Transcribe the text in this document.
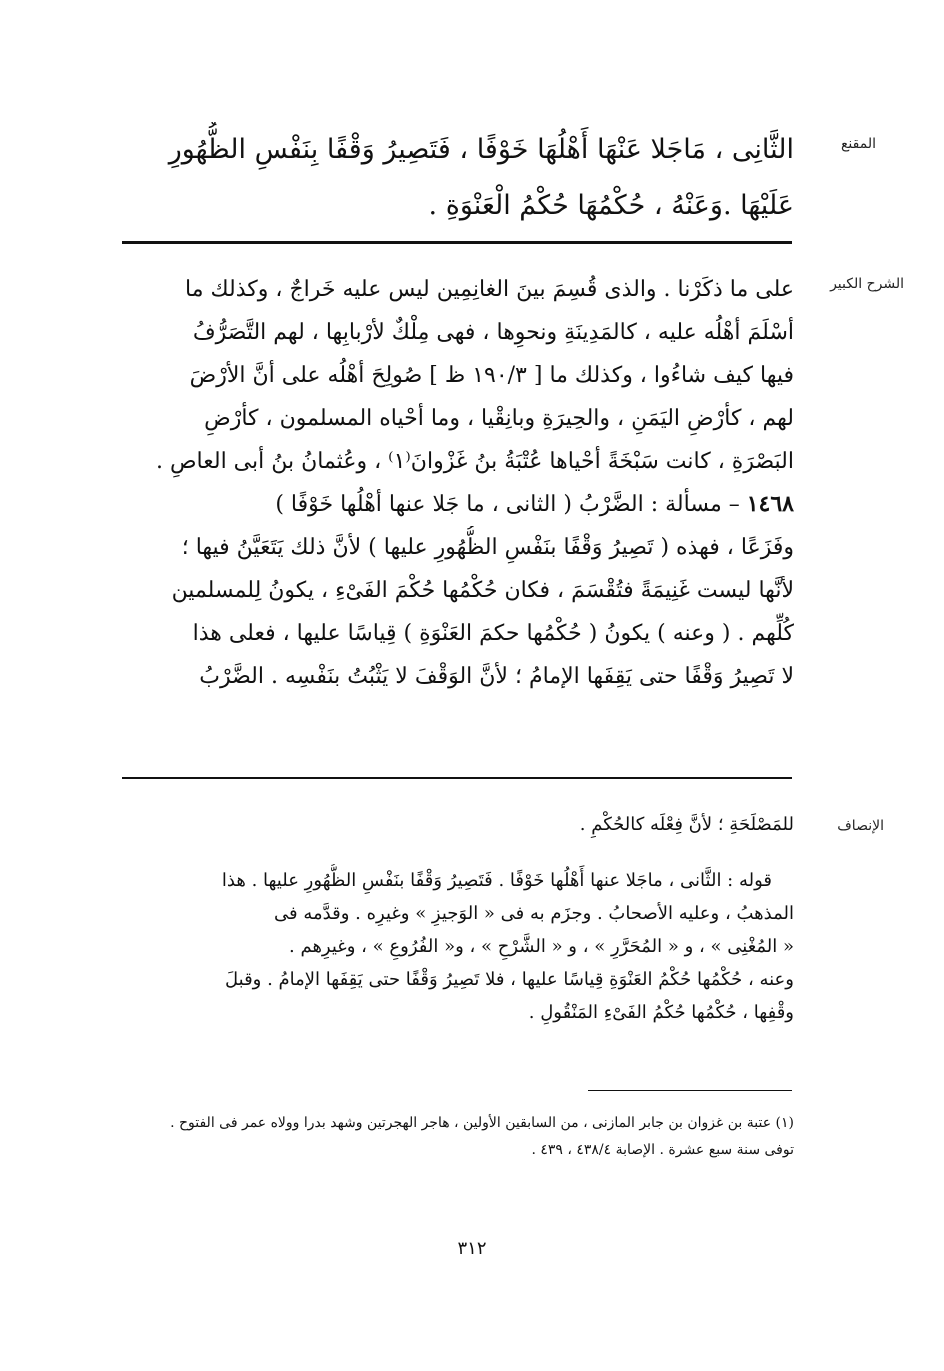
المقنع
الثَّانِى ، مَاجَلا عَنْهَا أَهْلُهَا خَوْفًا ، فَتَصِيرُ وَقْفًا بِنَفْسِ الظُّهُورِ
عَلَيْهَا .وَعَنْهُ ، حُكْمُهَا حُكْمُ الْعَنْوَةِ .
الشرح الكبير
على ما ذكَرْنا . والذى قُسِمَ بينَ الغانِمِين ليس عليه خَراجٌ ، وكذلك ما
أسْلَمَ أهْلُه عليه ، كالمَدِينَةِ ونحوِها ، فهى مِلْكٌ لأرْبابِها ، لهم التَّصَرُّفُ
فيها كيف شاءُوا ، وكذلك ما [ ١٩٠/٣ ظ ] صُولِحَ أهْلُه على أنَّ الأرْضَ
لهم ، كأرْضِ اليَمَنِ ، والحِيرَةِ وبانِقْيا ، وما أحْياه المسلمون ، كأرْضِ
البَصْرَةِ ، كانت سَبْخَةً أحْياها عُتْبَةُ بنُ غَزْوانَ⁽١⁾ ، وعُثمانُ بنُ أبى العاصِ .
١٤٦٨ – مسألة : الضَّرْبُ ( الثانى ، ما جَلا عنها أهْلُها خَوْفًا )
وفَزَعًا ، فهذه ( تَصِيرُ وَقْفًا بنَفْسِ الظُّهُورِ عليها ) لأنَّ ذلك يَتَعَيَّنُ فيها ؛
لأنَّها ليست غَنِيمَةً فتُقْسَمَ ، فكان حُكْمُها حُكْمَ الفَىْءِ ، يكونُ لِلمسلمين
كُلِّهم . ( وعنه ) يكونُ ( حُكْمُها حكمَ العَنْوَةِ ) قِياسًا عليها ، فعلى هذا
لا تَصِيرُ وَقْفًا حتى يَقِفَها الإمامُ ؛ لأنَّ الوَقْفَ لا يَثْبُتُ بنَفْسِه . الضَّرْبُ
الإنصاف
للمَصْلَحَةِ ؛ لأنَّ فِعْلَه كالحُكْمِ .
قوله : الثَّانى ، ماجَلا عنها أَهْلُها خَوْفًا . فَتَصِيرُ وَقْفًا بنَفْسِ الظُّهُورِ عليها . هذا
المذهبُ ، وعليه الأصحابُ . وجزَم به فى « الوَجيزِ » وغيرِه . وقدَّمه فى
« المُغْنِى » ، و « المُحَرَّرِ » ، و « الشَّرْحِ » ، و« الفُرُوعِ » ، وغيرِهم .
وعنه ، حُكْمُها حُكْمُ العَنْوَةِ قِياسًا عليها ، فلا تَصِيرُ وَقْفًا حتى يَقِفَها الإمامُ . وقبلَ
وقْفِها ، حُكْمُها حُكْمُ الفَىْءِ المَنْقُولِ .
(١) عتبة بن غزوان بن جابر المازنى ، من السابقين الأولين ، هاجر الهجرتين وشهد بدرا وولاه عمر فى الفتوح .
توفى سنة سبع عشرة . الإصابة ٤٣٨/٤ ، ٤٣٩ .
٣١٢
